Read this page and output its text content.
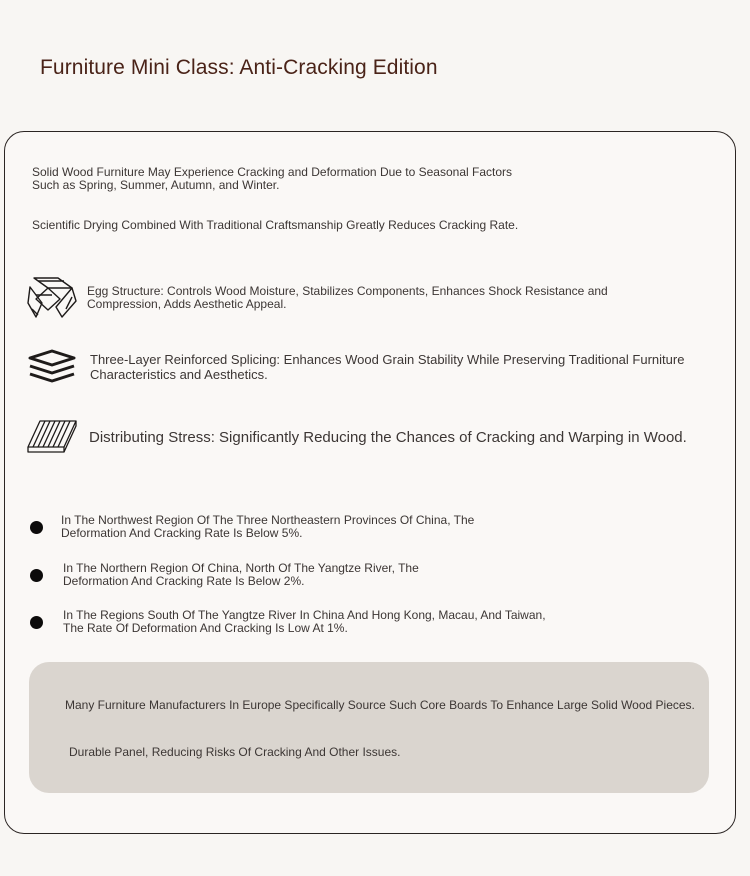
Furniture Mini Class: Anti-Cracking Edition
Solid Wood Furniture May Experience Cracking and Deformation Due to Seasonal Factors
Such as Spring, Summer, Autumn, and Winter.
Scientific Drying Combined With Traditional Craftsmanship Greatly Reduces Cracking Rate.
Egg Structure: Controls Wood Moisture, Stabilizes Components, Enhances Shock Resistance and
Compression, Adds Aesthetic Appeal.
Three-Layer Reinforced Splicing: Enhances Wood Grain Stability While Preserving Traditional Furniture
Characteristics and Aesthetics.
Distributing Stress: Significantly Reducing the Chances of Cracking and Warping in Wood.
In The Northwest Region Of The Three Northeastern Provinces Of China, The
Deformation And Cracking Rate Is Below 5%.
In The Northern Region Of China, North Of The Yangtze River, The
Deformation And Cracking Rate Is Below 2%.
In The Regions South Of The Yangtze River In China And Hong Kong, Macau, And Taiwan,
The Rate Of Deformation And Cracking Is Low At 1%.
Many Furniture Manufacturers In Europe Specifically Source Such Core Boards To Enhance Large Solid Wood Pieces.
Durable Panel, Reducing Risks Of Cracking And Other Issues.
